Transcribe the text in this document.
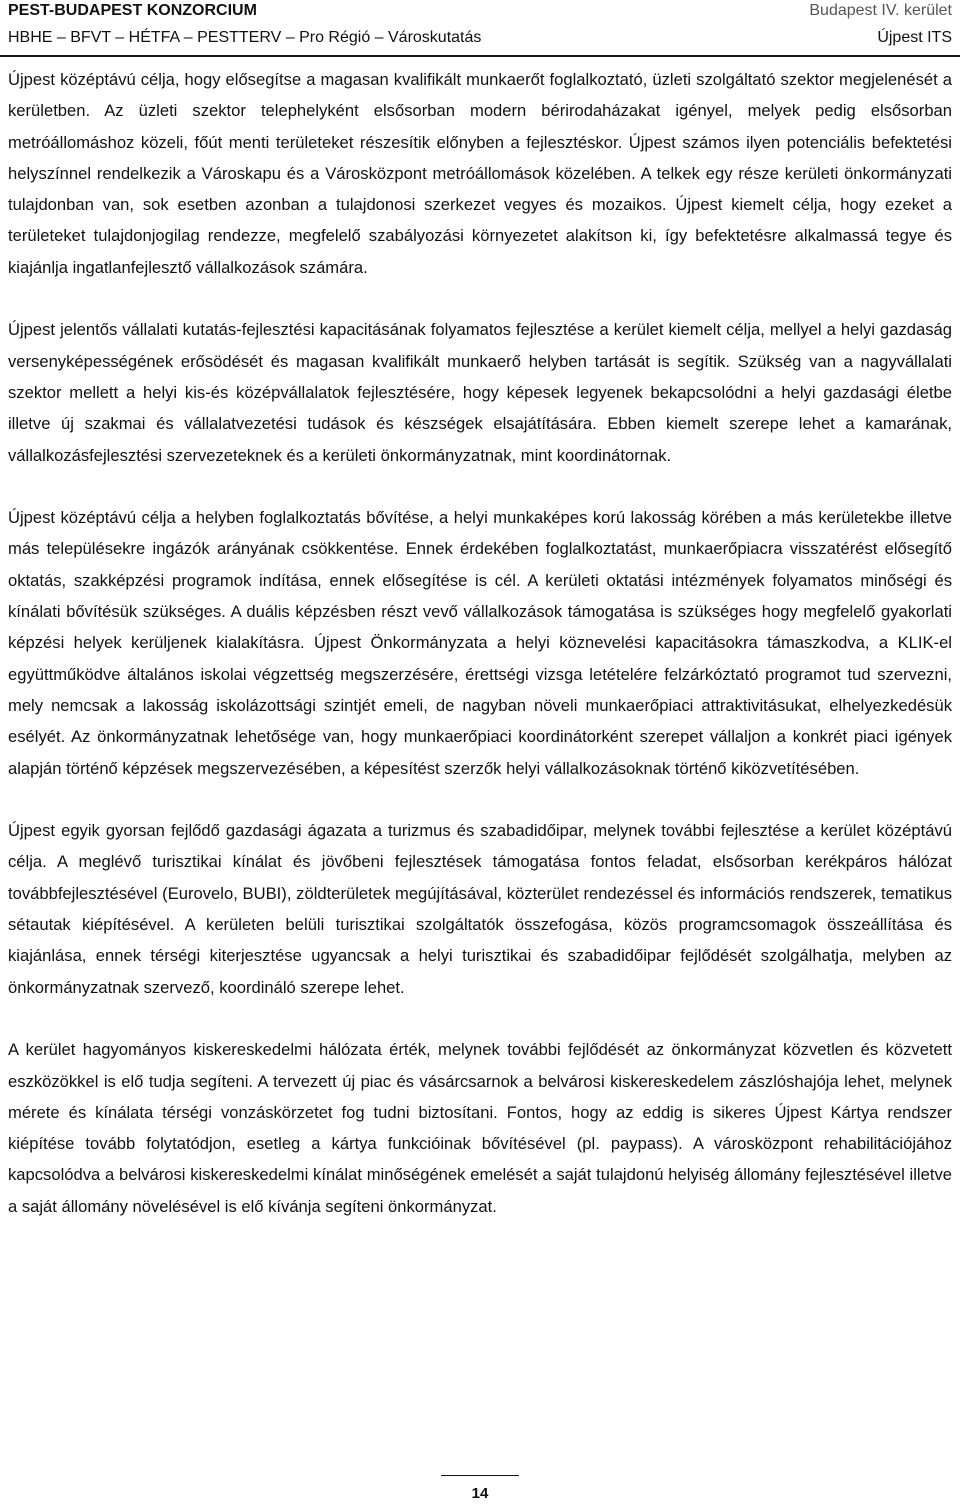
PEST-BUDAPEST KONZORCIUM	Budapest IV. kerület
HBHE – BFVT – HÉTFA – PESTTERV – Pro Régió – Városkutatás	Újpest ITS

Újpest középtávú célja, hogy elősegítse a magasan kvalifikált munkaerőt foglalkoztató, üzleti szolgáltató szektor megjelenését a kerületben. Az üzleti szektor telephelyként elsősorban modern bérirodaházakat igényel, melyek pedig elsősorban metróállomáshoz közeli, főút menti területeket részesítik előnyben a fejlesztéskor. Újpest számos ilyen potenciális befektetési helyszínnel rendelkezik a Városkapu és a Városközpont metróállomások közelében. A telkek egy része kerületi önkormányzati tulajdonban van, sok esetben azonban a tulajdonosi szerkezet vegyes és mozaikos. Újpest kiemelt célja, hogy ezeket a területeket tulajdonjogilag rendezze, megfelelő szabályozási környezetet alakítson ki, így befektetésre alkalmassá tegye és kiajánlja ingatlanfejlesztő vállalkozások számára.

Újpest jelentős vállalati kutatás-fejlesztési kapacitásának folyamatos fejlesztése a kerület kiemelt célja, mellyel a helyi gazdaság versenyképességének erősödését és magasan kvalifikált munkaerő helyben tartását is segítik. Szükség van a nagyvállalati szektor mellett a helyi kis-és középvállalatok fejlesztésére, hogy képesek legyenek bekapcsolódni a helyi gazdasági életbe illetve új szakmai és vállalatvezetési tudások és készségek elsajátítására. Ebben kiemelt szerepe lehet a kamarának, vállalkozásfejlesztési szervezeteknek és a kerületi önkormányzatnak, mint koordinátornak.

Újpest középtávú célja a helyben foglalkoztatás bővítése, a helyi munkaképes korú lakosság körében a más kerületekbe illetve más településekre ingázók arányának csökkentése. Ennek érdekében foglalkoztatást, munkaerőpiacra visszatérést elősegítő oktatás, szakképzési programok indítása, ennek elősegítése is cél. A kerületi oktatási intézmények folyamatos minőségi és kínálati bővítésük szükséges. A duális képzésben részt vevő vállalkozások támogatása is szükséges hogy megfelelő gyakorlati képzési helyek kerüljenek kialakításra. Újpest Önkormányzata a helyi köznevelési kapacitásokra támaszkodva, a KLIK-el együttműködve általános iskolai végzettség megszerzésére, érettségi vizsga letételére felzárkóztató programot tud szervezni, mely nemcsak a lakosság iskolázottsági szintjét emeli, de nagyban növeli munkaerőpiaci attraktivitásukat, elhelyezkedésük esélyét. Az önkormányzatnak lehetősége van, hogy munkaerőpiaci koordinátorként szerepet vállaljon a konkrét piaci igények alapján történő képzések megszervezésében, a képesítést szerzők helyi vállalkozásoknak történő kiközvetítésében.

Újpest egyik gyorsan fejlődő gazdasági ágazata a turizmus és szabadidőipar, melynek további fejlesztése a kerület középtávú célja. A meglévő turisztikai kínálat és jövőbeni fejlesztések támogatása fontos feladat, elsősorban kerékpáros hálózat továbbfejlesztésével (Eurovelo, BUBI), zöldterületek megújításával, közterület rendezéssel és információs rendszerek, tematikus sétautak kiépítésével. A kerületen belüli turisztikai szolgáltatók összefogása, közös programcsomagok összeállítása és kiajánlása, ennek térségi kiterjesztése ugyancsak a helyi turisztikai és szabadidőipar fejlődését szolgálhatja, melyben az önkormányzatnak szervező, koordináló szerepe lehet.

A kerület hagyományos kiskereskedelmi hálózata érték, melynek további fejlődését az önkormányzat közvetlen és közvetett eszközökkel is elő tudja segíteni. A tervezett új piac és vásárcsarnok a belvárosi kiskereskedelem zászlóshajója lehet, melynek mérete és kínálata térségi vonzáskörzetet fog tudni biztosítani. Fontos, hogy az eddig is sikeres Újpest Kártya rendszer kiépítése tovább folytatódjon, esetleg a kártya funkcióinak bővítésével (pl. paypass). A városközpont rehabilitációjához kapcsolódva a belvárosi kiskereskedelmi kínálat minőségének emelését a saját tulajdonú helyiség állomány fejlesztésével illetve a saját állomány növelésével is elő kívánja segíteni önkormányzat.

14
